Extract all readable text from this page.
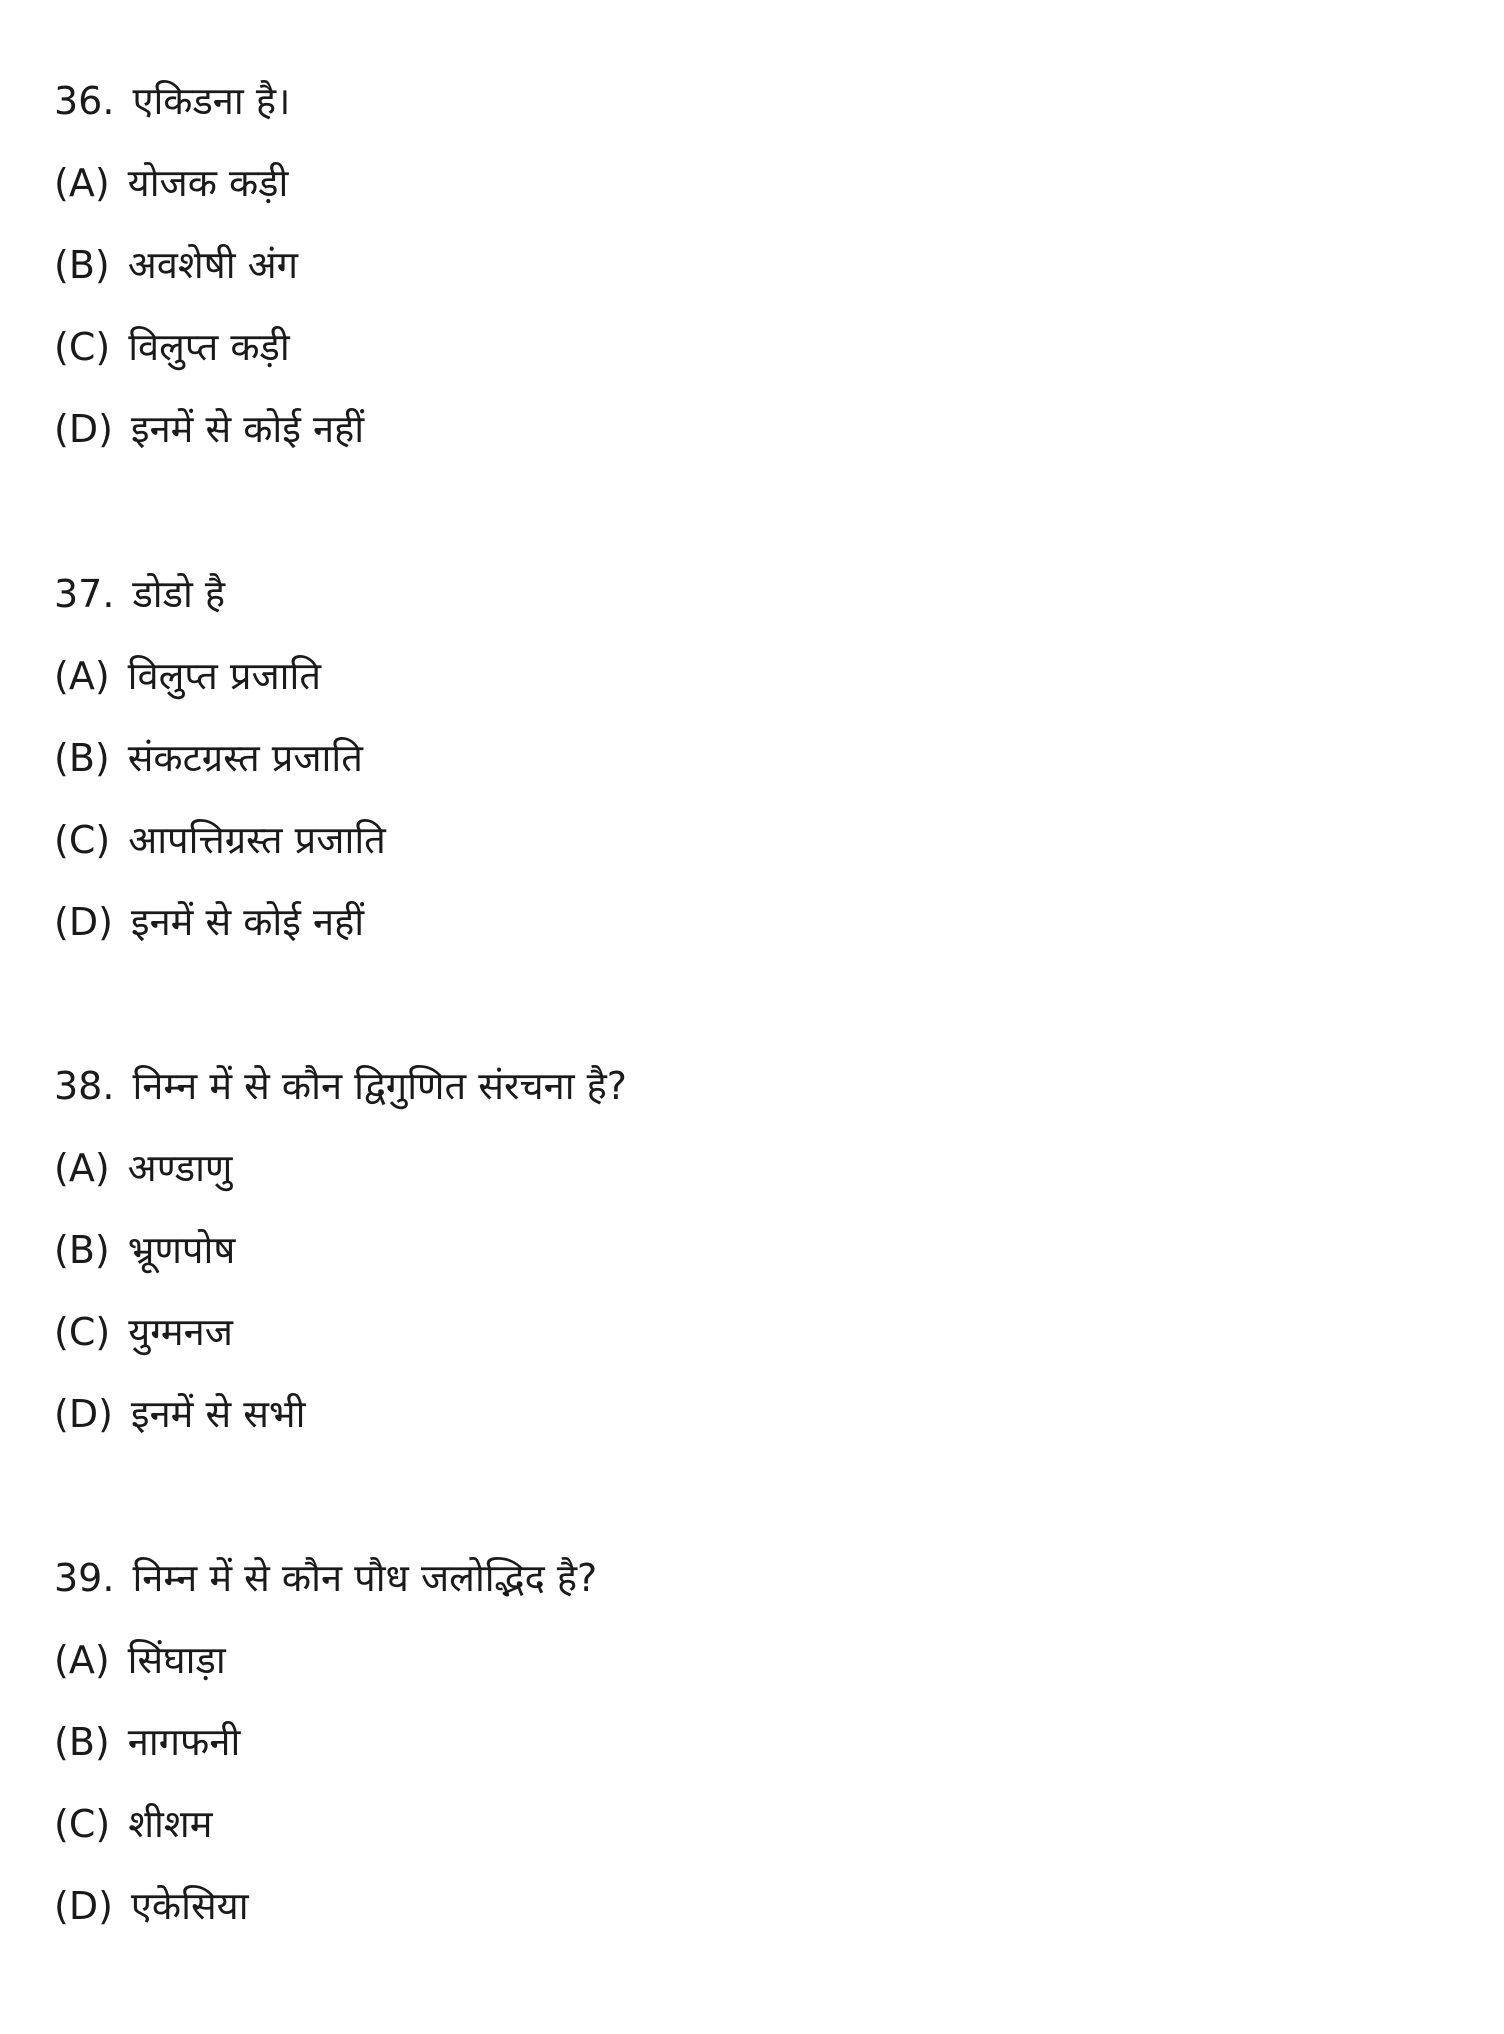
36. एकिडना है।
(A) योजक कड़ी
(B) अवशेषी अंग
(C) विलुप्त कड़ी
(D) इनमें से कोई नहीं
37. डोडो है
(A) विलुप्त प्रजाति
(B) संकटग्रस्त प्रजाति
(C) आपत्तिग्रस्त प्रजाति
(D) इनमें से कोई नहीं
38. निम्न में से कौन द्विगुणित संरचना है?
(A) अण्डाणु
(B) भ्रूणपोष
(C) युग्मनज
(D) इनमें से सभी
39. निम्न में से कौन पौध जलोद्भिद है?
(A) सिंघाड़ा
(B) नागफनी
(C) शीशम
(D) एकेसिया
